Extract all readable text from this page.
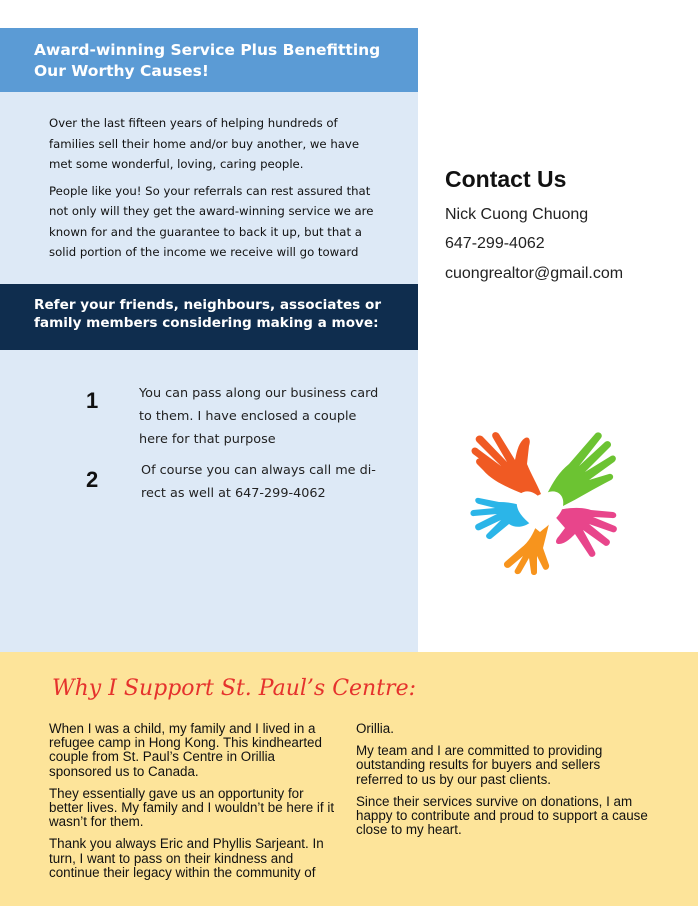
Award-winning Service Plus Benefitting Our Worthy Causes!

Over the last fifteen years of helping hundreds of families sell their home and/or buy another, we have met some wonderful, loving, caring people.

People like you! So your referrals can rest assured that not only will they get the award-winning service we are known for and the guarantee to back it up, but that a solid portion of the income we receive will go toward

Refer your friends, neighbours, associates or family members considering making a move:
1	You can pass along our business card to them. I have enclosed a couple here for that purpose
2	Of course you can always call me di-rect as well at 647-299-4062
Contact Us
Nick Cuong Chuong
647-299-4062
cuongrealtor@gmail.com
Why I Support St. Paul’s Centre:

When I was a child, my family and I lived in a refugee camp in Hong Kong. This kindhearted couple from St. Paul’s Centre in Orillia sponsored us to Canada.

They essentially gave us an opportunity for better lives. My family and I wouldn’t be here if it wasn’t for them.

Thank you always Eric and Phyllis Sarjeant. In turn, I want to pass on their kindness and continue their legacy within the community of

Orillia.

My team and I are committed to providing outstanding results for buyers and sellers referred to us by our past clients.

Since their services survive on donations, I am happy to contribute and proud to support a cause close to my heart.
